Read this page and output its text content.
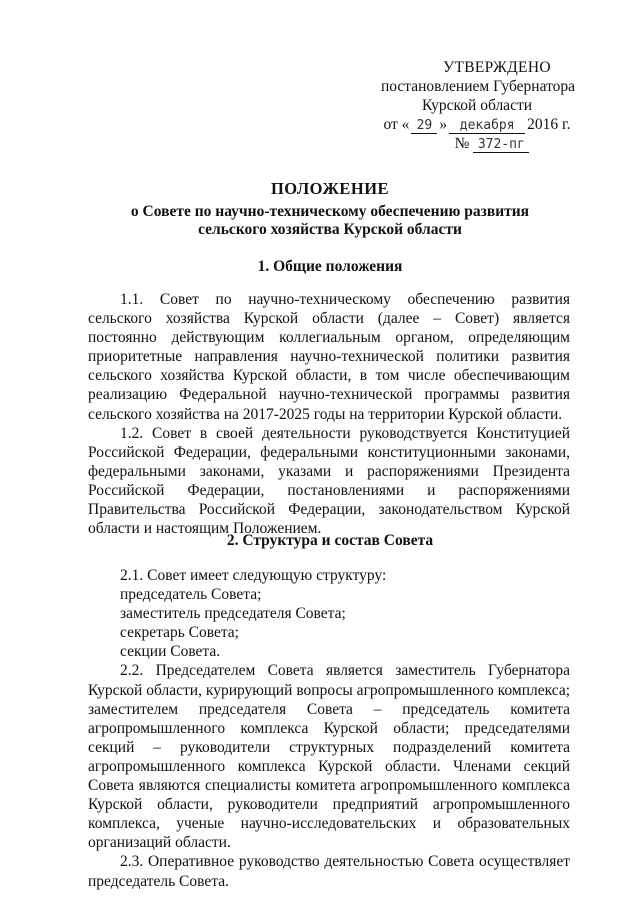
УТВЕРЖДЕНО
постановлением Губернатора
Курской области
от « 29 » декабря 2016 г.
№ 372-пг
ПОЛОЖЕНИЕ
о Совете по научно-техническому обеспечению развития
сельского хозяйства Курской области
1. Общие положения

1.1. Совет по научно-техническому обеспечению развития сельского хозяйства Курской области (далее – Совет) является постоянно действующим коллегиальным органом, определяющим приоритетные направления научно-технической политики развития сельского хозяйства Курской области, в том числе обеспечивающим реализацию Федеральной научно-технической программы развития сельского хозяйства на 2017-2025 годы на территории Курской области.

1.2. Совет в своей деятельности руководствуется Конституцией Российской Федерации, федеральными конституционными законами, федеральными законами, указами и распоряжениями Президента Российской Федерации, постановлениями и распоряжениями Правительства Российской Федерации, законодательством Курской области и настоящим Положением.

2. Структура и состав Совета

2.1. Совет имеет следующую структуру:

председатель Совета;
заместитель председателя Совета;
секретарь Совета;
секции Совета.

2.2. Председателем Совета является заместитель Губернатора Курской области, курирующий вопросы агропромышленного комплекса; заместителем председателя Совета – председатель комитета агропромышленного комплекса Курской области; председателями секций – руководители структурных подразделений комитета агропромышленного комплекса Курской области. Членами секций Совета являются специалисты комитета агропромышленного комплекса Курской области, руководители предприятий агропромышленного комплекса, ученые научно-исследовательских и образовательных организаций области.

2.3. Оперативное руководство деятельностью Совета осуществляет председатель Совета.
